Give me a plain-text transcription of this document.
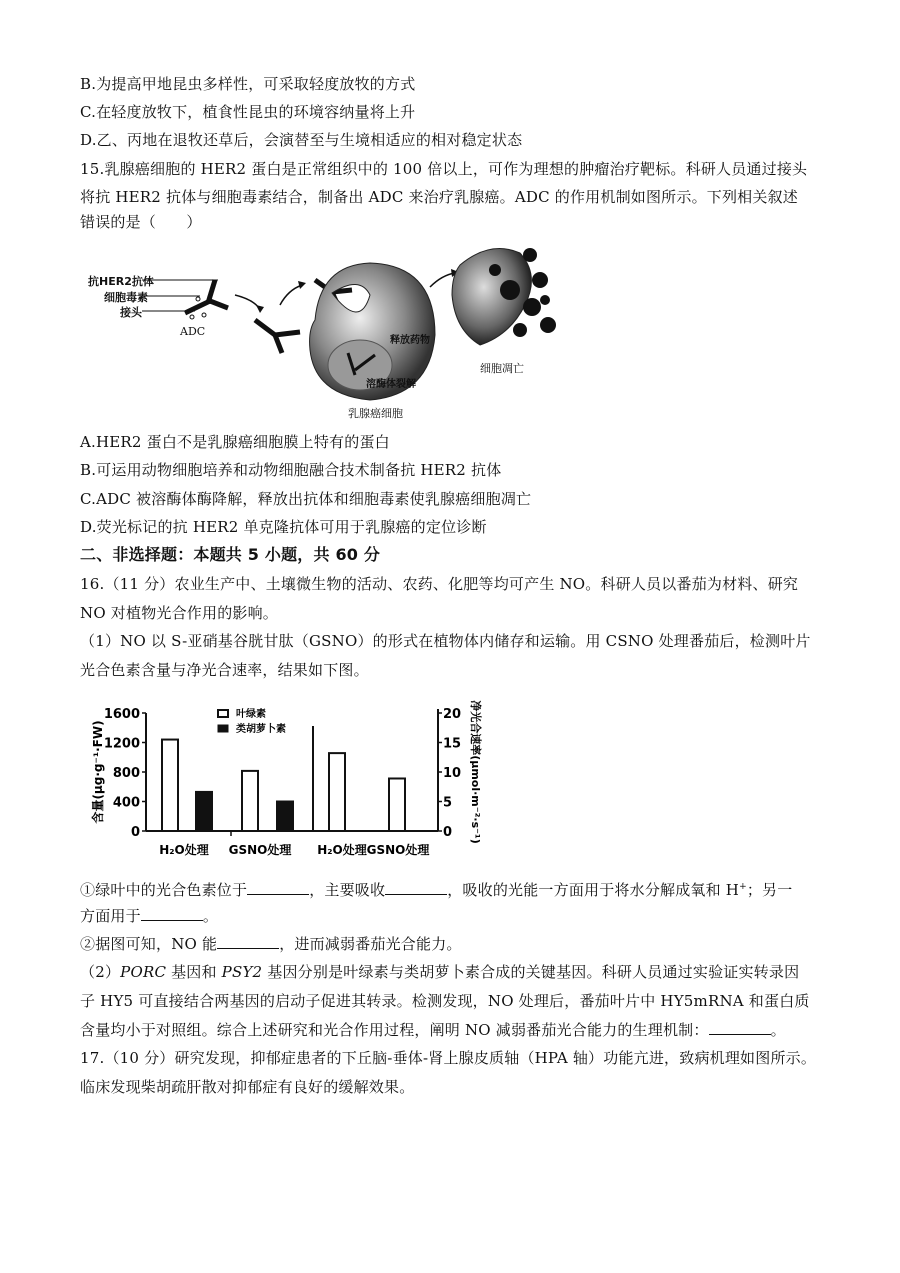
B.为提高甲地昆虫多样性，可采取轻度放牧的方式
C.在轻度放牧下，植食性昆虫的环境容纳量将上升
D.乙、丙地在退牧还草后，会演替至与生境相适应的相对稳定状态
15.乳腺癌细胞的 HER2 蛋白是正常组织中的 100 倍以上，可作为理想的肿瘤治疗靶标。科研人员通过接头
将抗 HER2 抗体与细胞毒素结合，制备出 ADC 来治疗乳腺癌。ADC 的作用机制如图所示。下列相关叙述
错误的是（　　）
抗HER2抗体
细胞毒素
接头
ADC
释放药物
溶酶体裂解
乳腺癌细胞
细胞凋亡
A.HER2 蛋白不是乳腺癌细胞膜上特有的蛋白
B.可运用动物细胞培养和动物细胞融合技术制备抗 HER2 抗体
C.ADC 被溶酶体酶降解，释放出抗体和细胞毒素使乳腺癌细胞凋亡
D.荧光标记的抗 HER2 单克隆抗体可用于乳腺癌的定位诊断
二、非选择题：本题共 5 小题，共 60 分
16.（11 分）农业生产中、土壤微生物的活动、农药、化肥等均可产生 NO。科研人员以番茄为材料、研究
NO 对植物光合作用的影响。
（1）NO 以 S-亚硝基谷胱甘肽（GSNO）的形式在植物体内储存和运输。用 CSNO 处理番茄后，检测叶片
光合色素含量与净光合速率，结果如下图。
0
400
800
1200
1600
0
5
10
15
20
含量(μg·g⁻¹·FW)	净光合速率(μmol·m⁻²·s⁻¹)
H₂O处理 GSNO处理 H₂O处理 GSNO处理
叶绿素
类胡萝卜素
①绿叶中的光合色素位于	，主要吸收	，吸收的光能一方面用于将水分解成氧和 H+；另一
方面用于	。
②据图可知，NO 能	，进而减弱番茄光合能力。
（2）PORC 基因和 PSY2 基因分别是叶绿素与类胡萝卜素合成的关键基因。科研人员通过实验证实转录因
子 HY5 可直接结合两基因的启动子促进其转录。检测发现，NO 处理后，番茄叶片中 HY5mRNA 和蛋白质
含量均小于对照组。综合上述研究和光合作用过程，阐明 NO 减弱番茄光合能力的生理机制：	。
17.（10 分）研究发现，抑郁症患者的下丘脑-垂体-肾上腺皮质轴（HPA 轴）功能亢进，致病机理如图所示。
临床发现柴胡疏肝散对抑郁症有良好的缓解效果。
